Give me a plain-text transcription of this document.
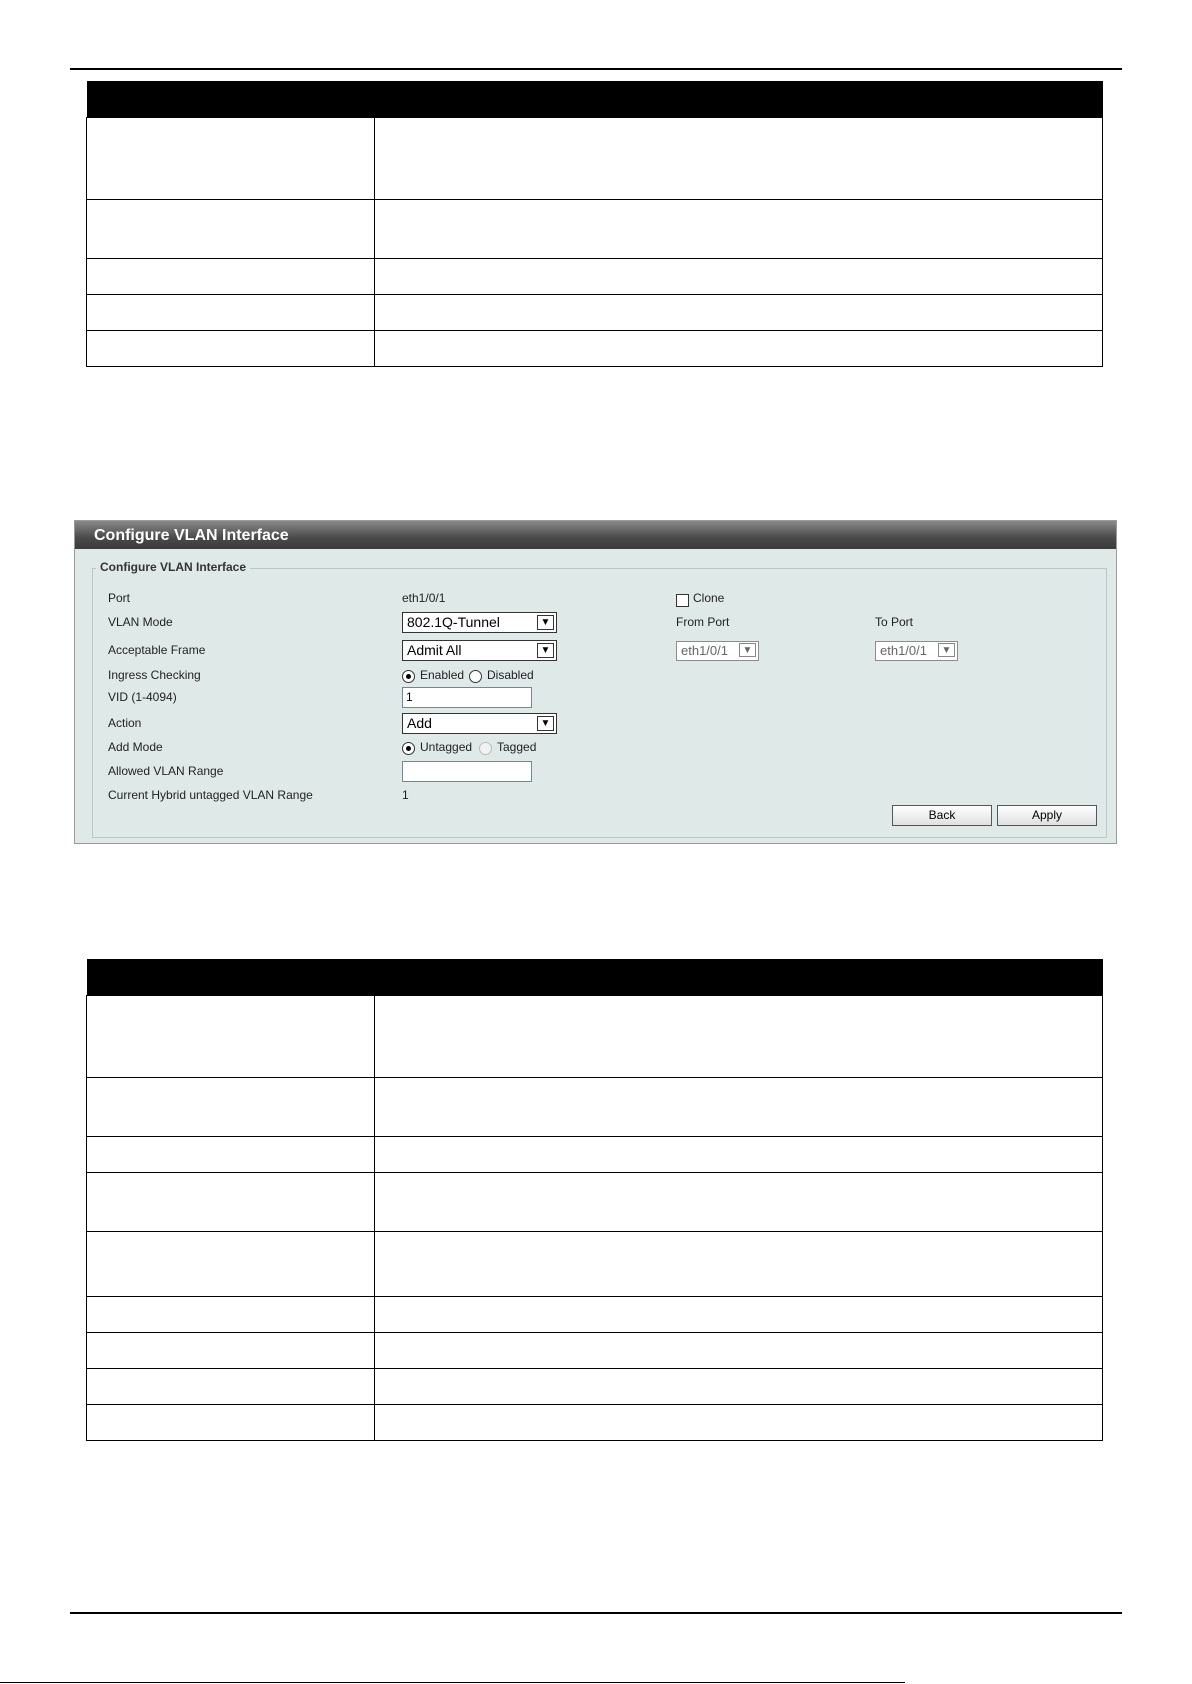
Configure VLAN Interface
Configure VLAN Interface
Port	eth1/0/1	Clone
VLAN Mode	802.1Q-Tunnel	▼	From Port	To Port
Acceptable Frame	Admit All	▼	eth1/0/1	▼	eth1/0/1	▼
Ingress Checking	Enabled Disabled
VID (1-4094)	1
Action	Add	▼
Add Mode	Untagged Tagged
Allowed VLAN Range
Current Hybrid untagged VLAN Range	1
Back	Apply
